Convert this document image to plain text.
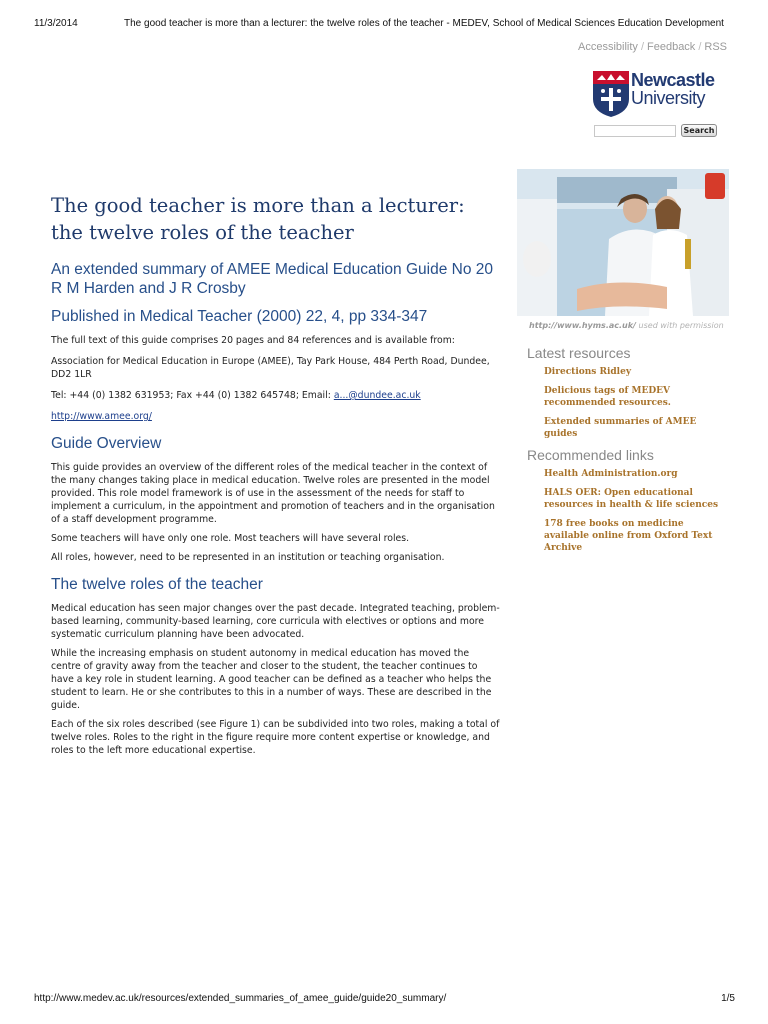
11/3/2014	The good teacher is more than a lecturer: the twelve roles of the teacher - MEDEV, School of Medical Sciences Education Development
Accessibility / Feedback / RSS
Newcastle
University
Search
The good teacher is more than a lecturer:
the twelve roles of the teacher
An extended summary of AMEE Medical Education Guide No 20
R M Harden and J R Crosby
Published in Medical Teacher (2000) 22, 4, pp 334-347

The full text of this guide comprises 20 pages and 84 references and is available from:

Association for Medical Education in Europe (AMEE), Tay Park House, 484 Perth Road, Dundee, DD2 1LR

Tel: +44 (0) 1382 631953; Fax +44 (0) 1382 645748; Email: a...@dundee.ac.uk

http://www.amee.org/

Guide Overview

This guide provides an overview of the different roles of the medical teacher in the context of the many changes taking place in medical education. Twelve roles are presented in the model provided. This role model framework is of use in the assessment of the needs for staff to implement a curriculum, in the appointment and promotion of teachers and in the organisation of a staff development programme.

Some teachers will have only one role. Most teachers will have several roles.

All roles, however, need to be represented in an institution or teaching organisation.

The twelve roles of the teacher

Medical education has seen major changes over the past decade. Integrated teaching, problem-based learning, community-based learning, core curricula with electives or options and more systematic curriculum planning have been advocated.

While the increasing emphasis on student autonomy in medical education has moved the centre of gravity away from the teacher and closer to the student, the teacher continues to have a key role in student learning. A good teacher can be defined as a teacher who helps the student to learn. He or she contributes to this in a number of ways. These are described in the guide.

Each of the six roles described (see Figure 1) can be subdivided into two roles, making a total of twelve roles. Roles to the right in the figure require more content expertise or knowledge, and roles to the left more educational expertise.

http://www.hyms.ac.uk/ used with permission
Latest resources
Directions Ridley
Delicious tags of MEDEV recommended resources.
Extended summaries of AMEE guides
Recommended links
Health Administration.org
HALS OER: Open educational resources in health & life sciences
178 free books on medicine available online from Oxford Text Archive
http://www.medev.ac.uk/resources/extended_summaries_of_amee_guide/guide20_summary/	1/5
